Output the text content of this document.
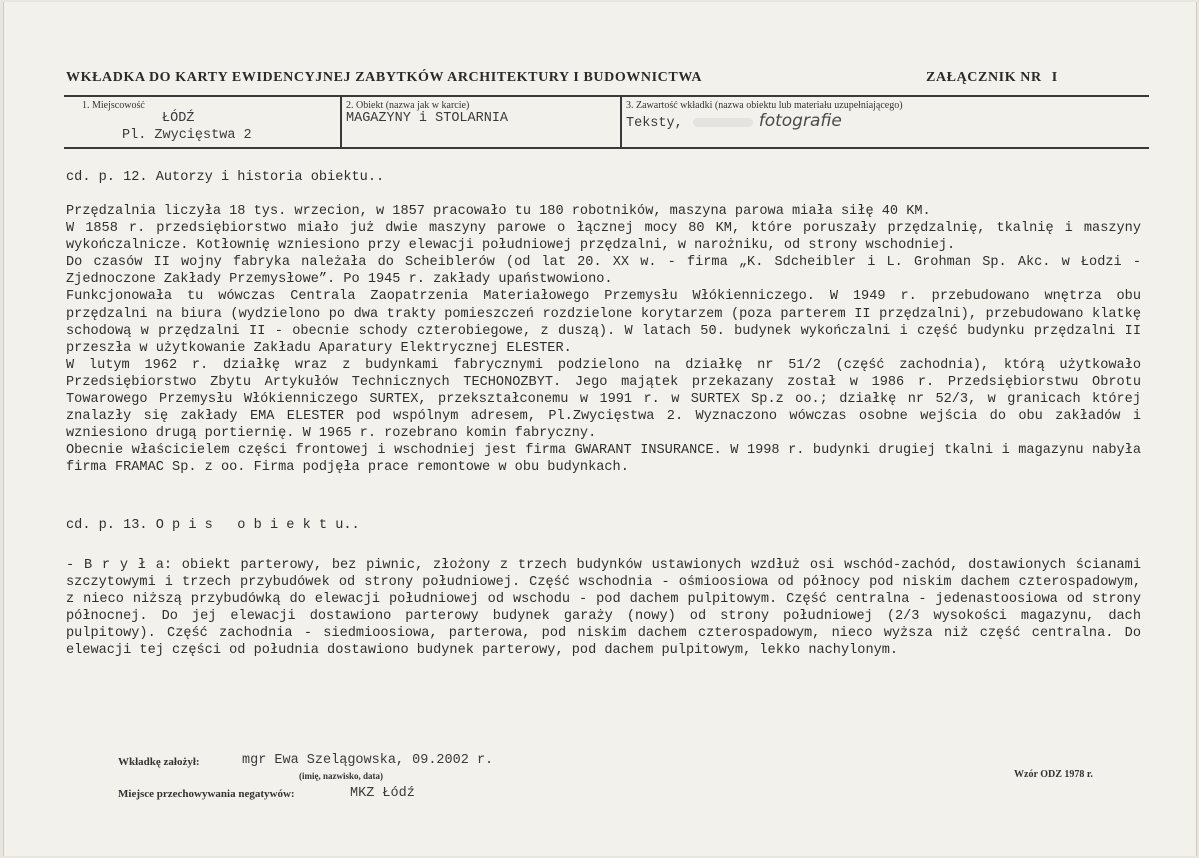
WKŁADKA DO KARTY EWIDENCYJNEJ ZABYTKÓW ARCHITEKTURY I BUDOWNICTWA	ZAŁĄCZNIK NR I
1. Miejscowość
ŁÓDŹ
Pl. Zwycięstwa 2
2. Obiekt (nazwa jak w karcie)
MAGAZYNY i STOLARNIA
3. Zawartość wkładki (nazwa obiektu lub materiału uzupełniającego)
Teksty,	fotografie

cd. p. 12. Autorzy i historia obiektu..

Przędzalnia liczyła 18 tys. wrzecion, w 1857 pracowało tu 180 robotników, maszyna parowa miała siłę 40 KM.

W 1858 r. przedsiębiorstwo miało już dwie maszyny parowe o łącznej mocy 80 KM, które poruszały przędzalnię, tkalnię i maszyny wykończalnicze. Kotłownię wzniesiono przy elewacji południowej przędzalni, w narożniku, od strony wschodniej.

Do czasów II wojny fabryka należała do Scheiblerów (od lat 20. XX w. - firma „K. Sdcheibler i L. Grohman Sp. Akc. w Łodzi - Zjednoczone Zakłady Przemysłowe”. Po 1945 r. zakłady upaństwowiono.

Funkcjonowała tu wówczas Centrala Zaopatrzenia Materiałowego Przemysłu Włókienniczego. W 1949 r. przebudowano wnętrza obu przędzalni na biura (wydzielono po dwa trakty pomieszczeń rozdzielone korytarzem (poza parterem II przędzalni), przebudowano klatkę schodową w przędzalni II - obecnie schody czterobiegowe, z duszą). W latach 50. budynek wykończalni i część budynku przędzalni II przeszła w użytkowanie Zakładu Aparatury Elektrycznej ELESTER.

W lutym 1962 r. działkę wraz z budynkami fabrycznymi podzielono na działkę nr 51/2 (część zachodnia), którą użytkowało Przedsiębiorstwo Zbytu Artykułów Technicznych TECHONOZBYT. Jego majątek przekazany został w 1986 r. Przedsiębiorstwu Obrotu Towarowego Przemysłu Włókienniczego SURTEX, przekształconemu w 1991 r. w SURTEX Sp.z oo.; działkę nr 52/3, w granicach której znalazły się zakłady EMA ELESTER pod wspólnym adresem, Pl.Zwycięstwa 2. Wyznaczono wówczas osobne wejścia do obu zakładów i wzniesiono drugą portiernię. W 1965 r. rozebrano komin fabryczny.

Obecnie właścicielem części frontowej i wschodniej jest firma GWARANT INSURANCE. W 1998 r. budynki drugiej tkalni i magazynu nabyła firma FRAMAC Sp. z oo. Firma podjęła prace remontowe w obu budynkach.

cd. p. 13. O p i s   o b i e k t u..

- B r y ł a: obiekt parterowy, bez piwnic, złożony z trzech budynków ustawionych wzdłuż osi wschód-zachód, dostawionych ścianami szczytowymi i trzech przybudówek od strony południowej. Część wschodnia - ośmioosiowa od północy pod niskim dachem czterospadowym, z nieco niższą przybudówką do elewacji południowej od wschodu - pod dachem pulpitowym. Część centralna - jedenastoosiowa od strony północnej. Do jej elewacji dostawiono parterowy budynek garaży (nowy) od strony południowej (2/3 wysokości magazynu, dach pulpitowy). Część zachodnia - siedmioosiowa, parterowa, pod niskim dachem czterospadowym, nieco wyższa niż część centralna. Do elewacji tej części od południa dostawiono budynek parterowy, pod dachem pulpitowym, lekko nachylonym.

Wkładkę założył:	mgr Ewa Szelągowska, 09.2002 r.
(imię, nazwisko, data)
Miejsce przechowywania negatywów:	MKZ Łódź
Wzór ODZ 1978 r.
